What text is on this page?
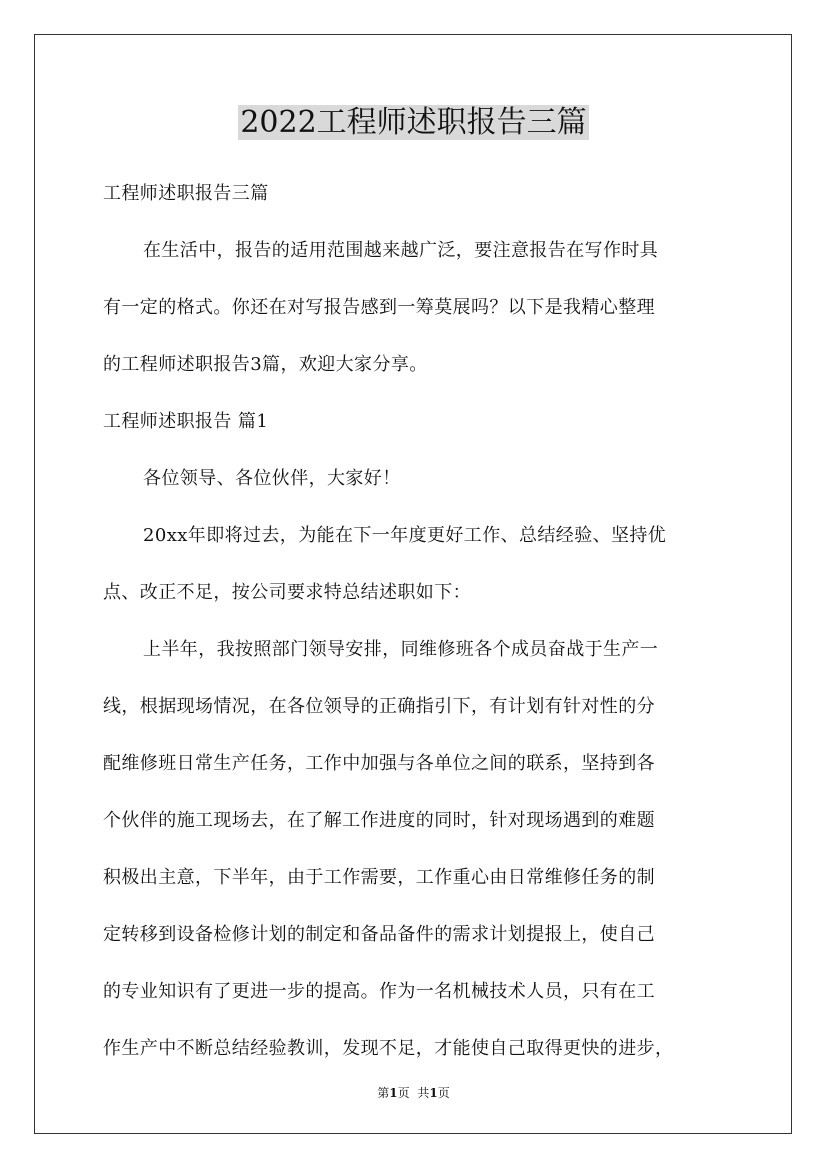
2022工程师述职报告三篇
工程师述职报告三篇
在生活中，报告的适用范围越来越广泛，要注意报告在写作时具
有一定的格式。你还在对写报告感到一筹莫展吗？以下是我精心整理
的工程师述职报告3篇，欢迎大家分享。
工程师述职报告 篇1
各位领导、各位伙伴，大家好！
20xx年即将过去，为能在下一年度更好工作、总结经验、坚持优
点、改正不足，按公司要求特总结述职如下：
上半年，我按照部门领导安排，同维修班各个成员奋战于生产一
线，根据现场情况，在各位领导的正确指引下，有计划有针对性的分
配维修班日常生产任务，工作中加强与各单位之间的联系，坚持到各
个伙伴的施工现场去，在了解工作进度的同时，针对现场遇到的难题
积极出主意，下半年，由于工作需要，工作重心由日常维修任务的制
定转移到设备检修计划的制定和备品备件的需求计划提报上，使自己
的专业知识有了更进一步的提高。作为一名机械技术人员，只有在工
作生产中不断总结经验教训，发现不足，才能使自己取得更快的进步，
第1页 共1页
